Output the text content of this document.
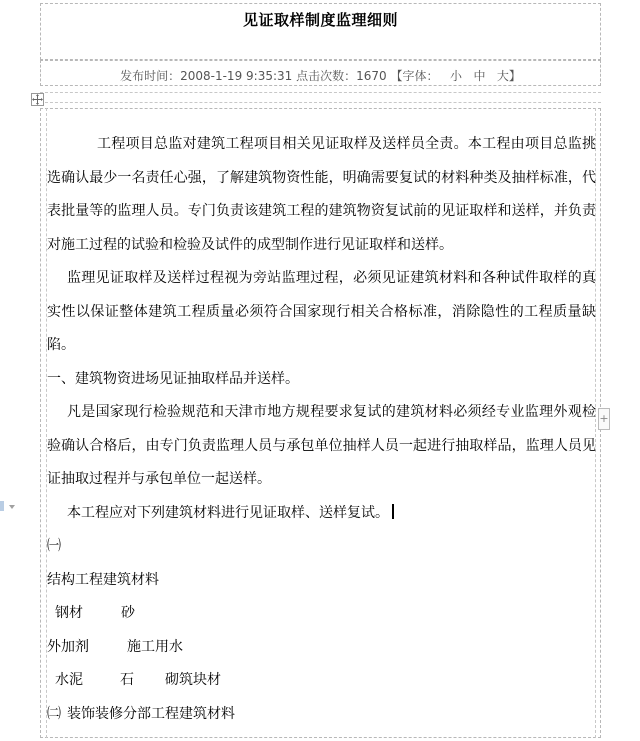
见证取样制度监理细则
发布时间：2008-1-19 9:35:31 点击次数：1670 【字体： 小 中 大】
+

工程项目总监对建筑工程项目相关见证取样及送样员全责。本工程由项目总监挑选确认最少一名责任心强，了解建筑物资性能，明确需要复试的材料种类及抽样标准，代表批量等的监理人员。专门负责该建筑工程的建筑物资复试前的见证取样和送样，并负责对施工过程的试验和检验及试件的成型制作进行见证取样和送样。

监理见证取样及送样过程视为旁站监理过程，必须见证建筑材料和各种试件取样的真实性以保证整体建筑工程质量必须符合国家现行相关合格标准，消除隐性的工程质量缺陷。

一、建筑物资进场见证抽取样品并送样。

凡是国家现行检验规范和天津市地方规程要求复试的建筑材料必须经专业监理外观检验确认合格后，由专门负责监理人员与承包单位抽样人员一起进行抽取样品，监理人员见证抽取过程并与承包单位一起送样。

本工程应对下列建筑材料进行见证取样、送样复试。

㈠

结构工程建筑材料

钢材	砂

外加剂	施工用水

水泥	石 砌筑块材

㈡ 装饰装修分部工程建筑材料
